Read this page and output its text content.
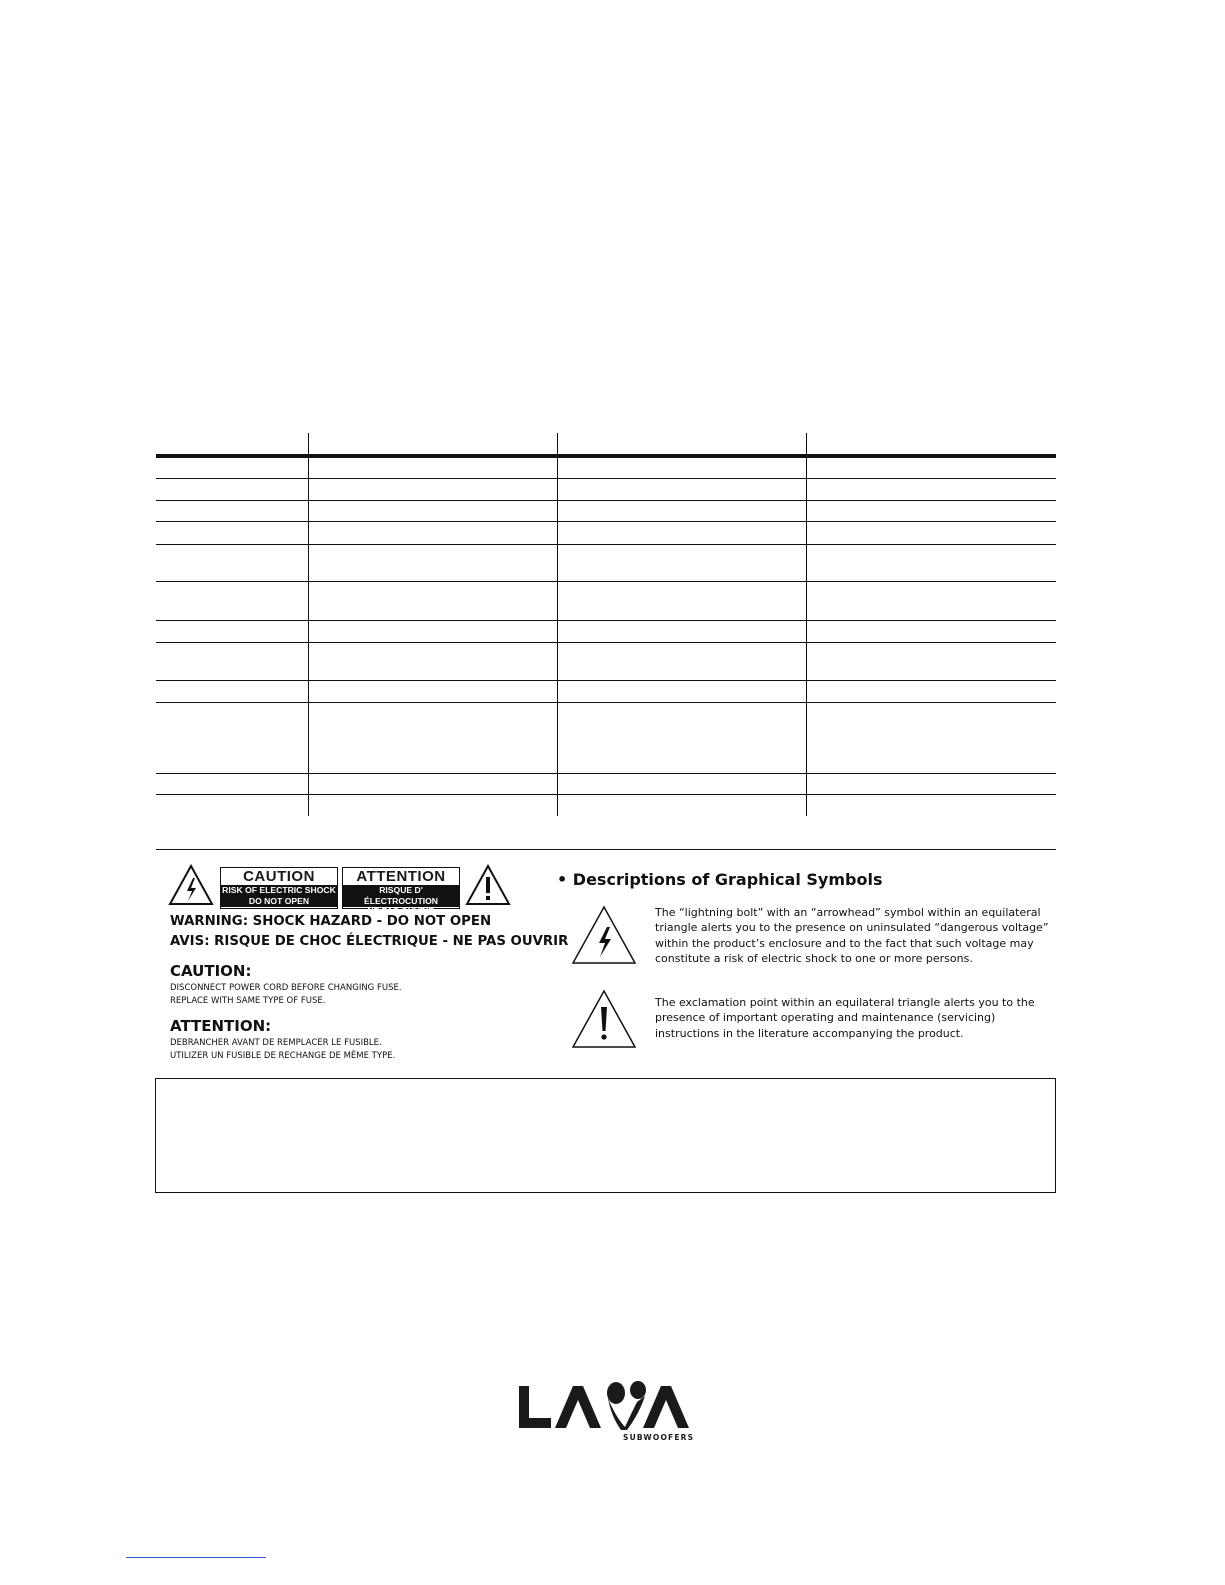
CAUTION
RISK OF ELECTRIC SHOCK
DO NOT OPEN
ATTENTION
RISQUE D' ÉLECTROCUTION
NE PAS OUVRIR
WARNING: SHOCK HAZARD - DO NOT OPEN
AVIS: RISQUE DE CHOC ÉLECTRIQUE - NE PAS OUVRIR
CAUTION:
DISCONNECT POWER CORD BEFORE CHANGING FUSE.
REPLACE WITH SAME TYPE OF FUSE.
ATTENTION:
DEBRANCHER AVANT DE REMPLACER LE FUSIBLE.
UTILIZER UN FUSIBLE DE RECHANGE DE MÊME TYPE.
• Descriptions of Graphical Symbols
The “lightning bolt” with an “arrowhead” symbol within an equilateral
triangle alerts you to the presence on uninsulated “dangerous voltage”
within the product’s enclosure and to the fact that such voltage may
constitute a risk of electric shock to one or more persons.
The exclamation point within an equilateral triangle alerts you to the
presence of important operating and maintenance (servicing)
instructions in the literature accompanying the product.
SUBWOOFERS
